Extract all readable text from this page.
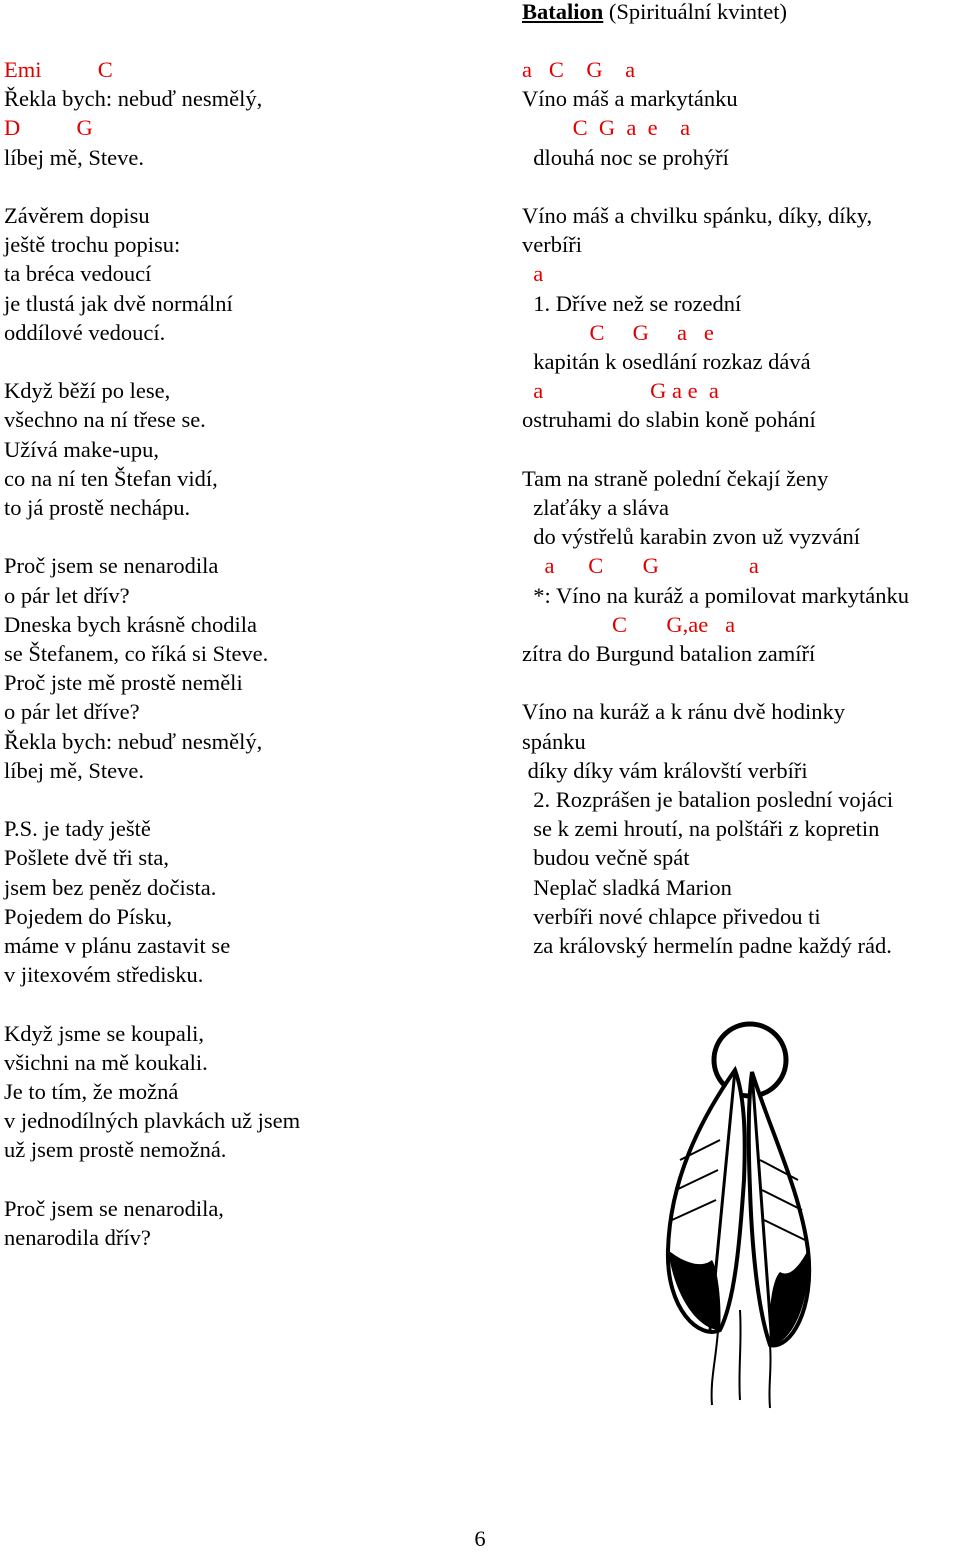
Batalion (Spirituální kvintet)
Emi          C
Řekla bych: nebuď nesmělý,
D          G
líbej mě, Steve.
Závěrem dopisu
ještě trochu popisu:
ta bréca vedoucí
je tlustá jak dvě normální
oddílové vedoucí.
Když běží po lese,
všechno na ní třese se.
Užívá make-upu,
co na ní ten Štefan vidí,
to já prostě nechápu.
Proč jsem se nenarodila
o pár let dřív?
Dneska bych krásně chodila
se Štefanem, co říká si Steve.
Proč jste mě prostě neměli
o pár let dříve?
Řekla bych: nebuď nesmělý,
líbej mě, Steve.
P.S. je tady ještě
Pošlete dvě tři sta,
jsem bez peněz dočista.
Pojedem do Písku,
máme v plánu zastavit se
v jitexovém středisku.
Když jsme se koupali,
všichni na mě koukali.
Je to tím, že možná
v jednodílných plavkách už jsem
už jsem prostě nemožná.
Proč jsem se nenarodila,
nenarodila dřív?
a   C    G    a
Víno máš a markytánku
C  G  a  e    a
dlouhá noc se prohýří
Víno máš a chvilku spánku, díky, díky,
verbíři
a
1. Dříve než se rozední
C     G     a   e
kapitán k osedlání rozkaz dává
a                   G a e  a
ostruhami do slabin koně pohání
Tam na straně polední čekají ženy
zlaťáky a sláva
do výstřelů karabin zvon už vyzvání
a      C       G                a
*: Víno na kuráž a pomilovat markytánku
C       G,ae   a
zítra do Burgund batalion zamíří
Víno na kuráž a k ránu dvě hodinky
spánku
díky díky vám královští verbíři
2. Rozprášen je batalion poslední vojáci
se k zemi hroutí, na polštáři z kopretin
budou večně spát
Neplač sladká Marion
verbíři nové chlapce přivedou ti
za královský hermelín padne každý rád.
6
